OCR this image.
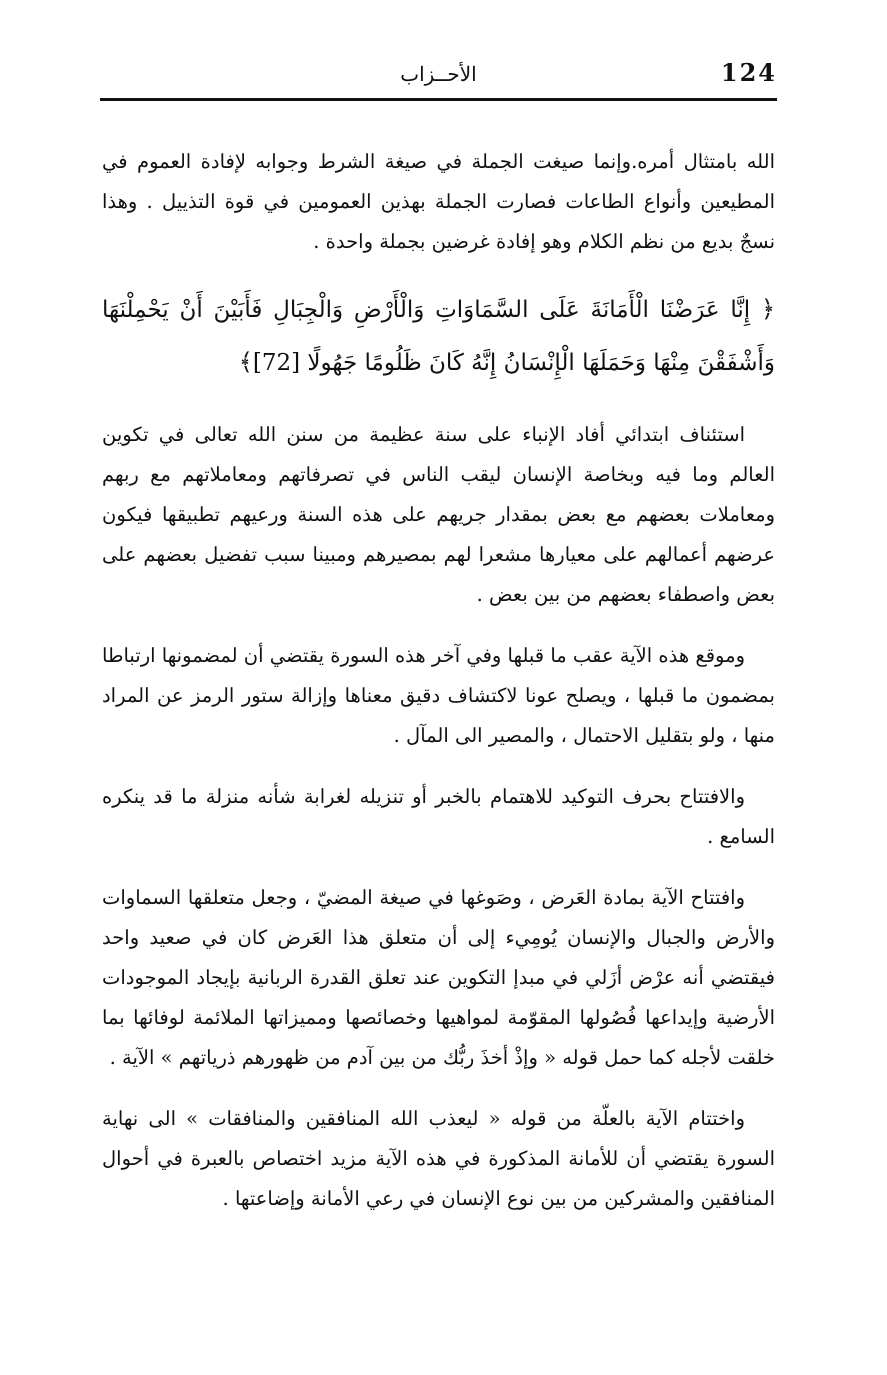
124
الأحــزاب

الله بامتثال أمره.وإنما صيغت الجملة في صيغة الشرط وجوابه لإفادة العموم في المطيعين وأنواع الطاعات فصارت الجملة بهذين العمومين في قوة التذييل . وهذا نسجٌ بديع من نظم الكلام وهو إفادة غرضين بجملة واحدة .

﴿ إِنَّا عَرَضْنَا الْأَمَانَةَ عَلَى السَّمَاوَاتِ وَالْأَرْضِ وَالْجِبَالِ فَأَبَيْنَ أَنْ يَحْمِلْنَهَا وَأَشْفَقْنَ مِنْهَا وَحَمَلَهَا الْإِنْسَانُ إِنَّهُ كَانَ ظَلُومًا جَهُولًا [72]﴾

استئناف ابتدائي أفاد الإنباء على سنة عظيمة من سنن الله تعالى في تكوين العالم وما فيه وبخاصة الإنسان ليقب الناس في تصرفاتهم ومعاملاتهم مع ربهم ومعاملات بعضهم مع بعض بمقدار جريهم على هذه السنة ورعيهم تطبيقها فيكون عرضهم أعمالهم على معيارها مشعرا لهم بمصيرهم ومبينا سبب تفضيل بعضهم على بعض واصطفاء بعضهم من بين بعض .

وموقع هذه الآية عقب ما قبلها وفي آخر هذه السورة يقتضي أن لمضمونها ارتباطا بمضمون ما قبلها ، ويصلح عونا لاكتشاف دقيق معناها وإزالة ستور الرمز عن المراد منها ، ولو بتقليل الاحتمال ، والمصير الى المآل .

والافتتاح بحرف التوكيد للاهتمام بالخبر أو تنزيله لغرابة شأنه منزلة ما قد ينكره السامع .

وافتتاح الآية بمادة العَرض ، وصَوغها في صيغة المضيّ ، وجعل متعلقها السماوات والأرض والجبال والإنسان يُومِيء إلى أن متعلق هذا العَرض كان في صعيد واحد فيقتضي أنه عرْض أزَلي في مبدإ التكوين عند تعلق القدرة الربانية بإيجاد الموجودات الأرضية وإيداعها فُصُولها المقوّمة لمواهيها وخصائصها ومميزاتها الملائمة لوفائها بما خلقت لأجله كما حمل قوله « وإذْ أخذَ ربُّك من بين آدم من ظهورهم ذرياتهم » الآية .

واختتام الآية بالعلّة من قوله « ليعذب الله المنافقين والمنافقات » الى نهاية السورة يقتضي أن للأمانة المذكورة في هذه الآية مزيد اختصاص بالعبرة في أحوال المنافقين والمشركين من بين نوع الإنسان في رعي الأمانة وإضاعتها .
